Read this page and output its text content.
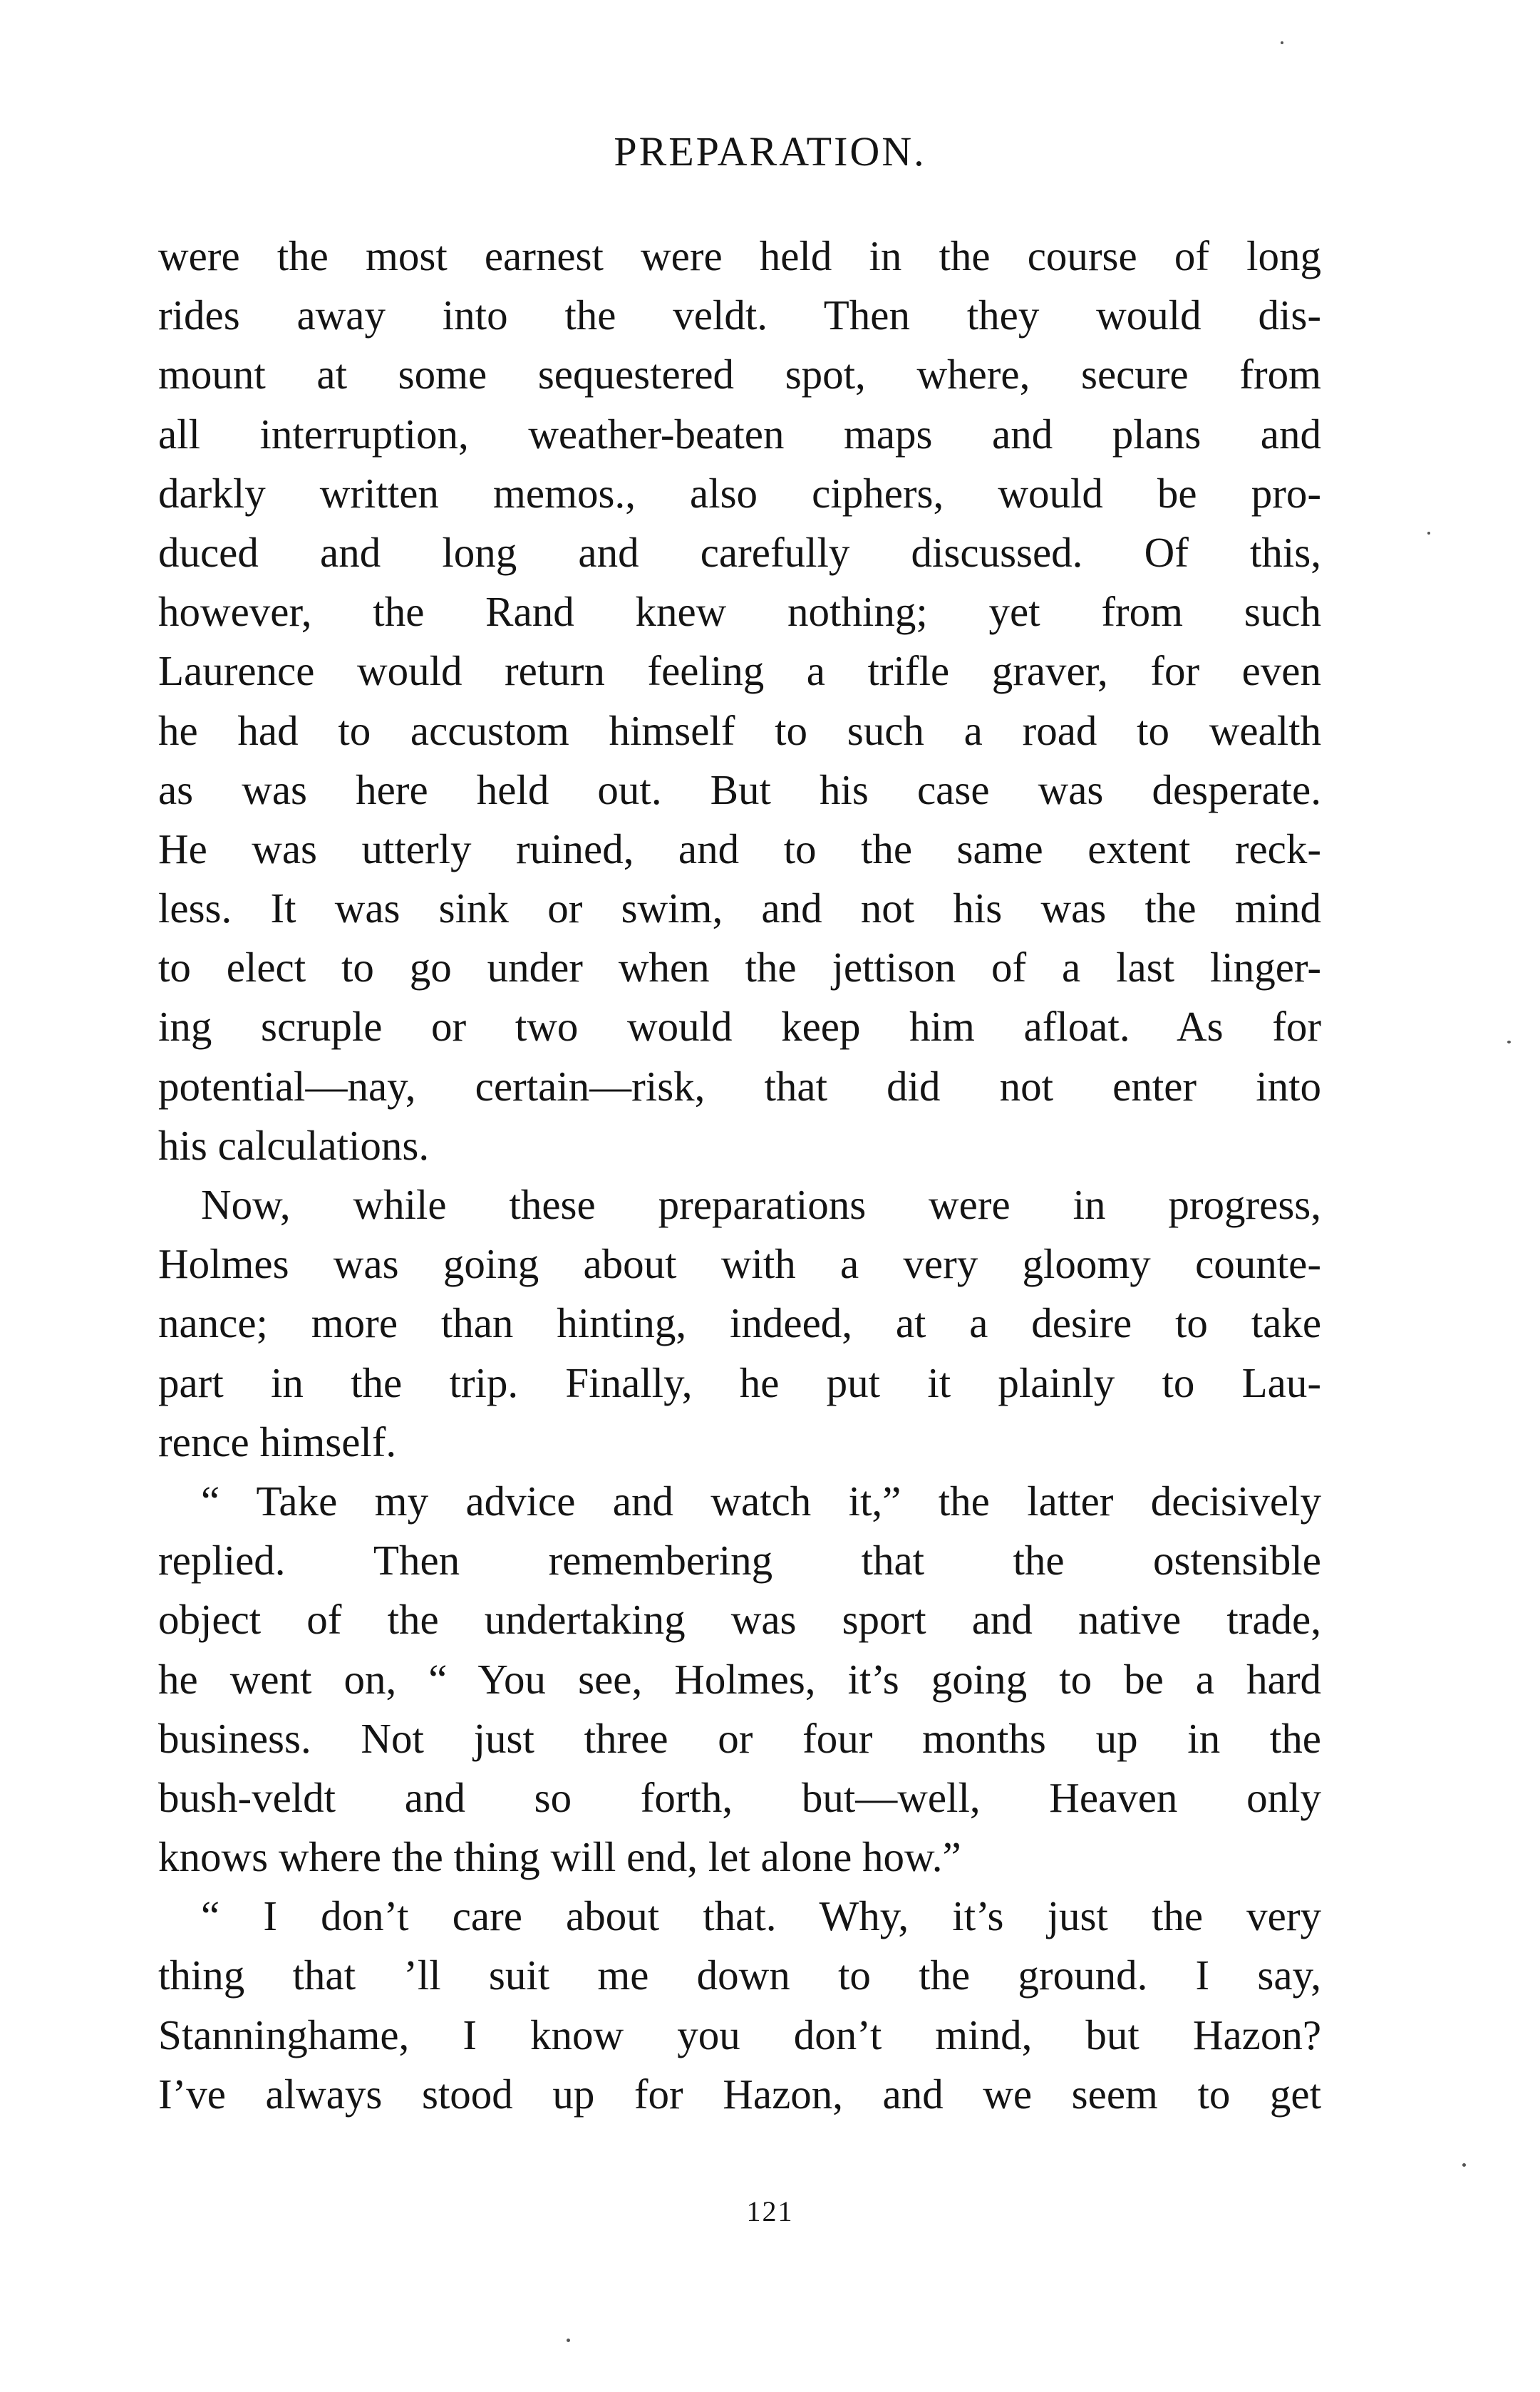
PREPARATION.
were the most earnest were held in the course of long
rides away into the veldt. Then they would dis-
mount at some sequestered spot, where, secure from
all interruption, weather-beaten maps and plans and
darkly written memos., also ciphers, would be pro-
duced and long and carefully discussed. Of this,
however, the Rand knew nothing; yet from such
Laurence would return feeling a trifle graver, for even
he had to accustom himself to such a road to wealth
as was here held out. But his case was desperate.
He was utterly ruined, and to the same extent reck-
less. It was sink or swim, and not his was the mind
to elect to go under when the jettison of a last linger-
ing scruple or two would keep him afloat. As for
potential—nay, certain—risk, that did not enter into
his calculations.
Now, while these preparations were in progress,
Holmes was going about with a very gloomy counte-
nance; more than hinting, indeed, at a desire to take
part in the trip. Finally, he put it plainly to Lau-
rence himself.
“ Take my advice and watch it,” the latter decisively
replied. Then remembering that the ostensible
object of the undertaking was sport and native trade,
he went on, “ You see, Holmes, it’s going to be a hard
business. Not just three or four months up in the
bush-veldt and so forth, but—well, Heaven only
knows where the thing will end, let alone how.”
“ I don’t care about that. Why, it’s just the very
thing that ’ll suit me down to the ground. I say,
Stanninghame, I know you don’t mind, but Hazon?
I’ve always stood up for Hazon, and we seem to get
121
